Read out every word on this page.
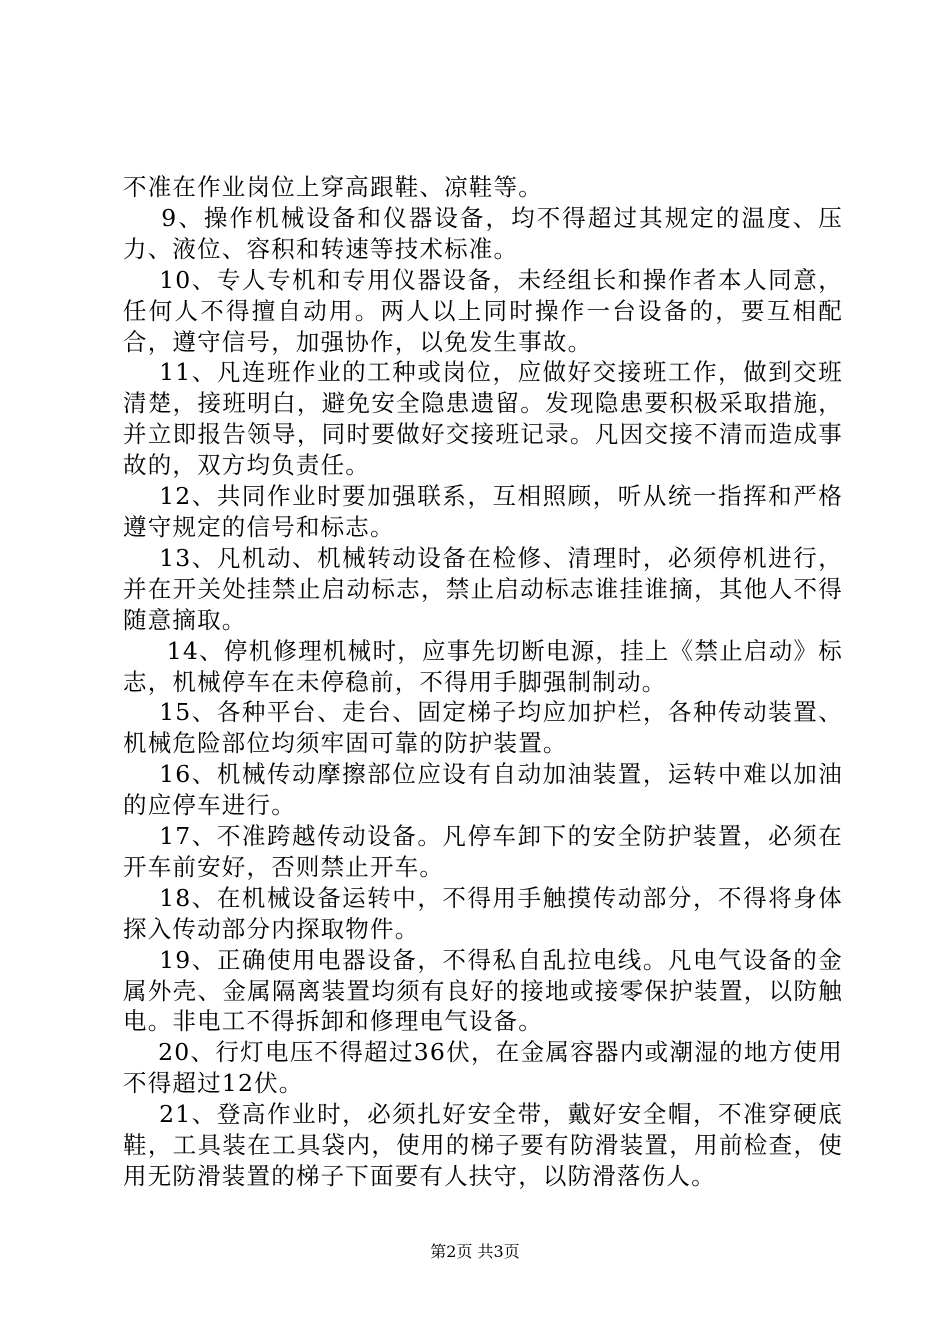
不准在作业岗位上穿高跟鞋、凉鞋等。

9、操作机械设备和仪器设备，均不得超过其规定的温度、压力、液位、容积和转速等技术标准。

10、专人专机和专用仪器设备，未经组长和操作者本人同意，任何人不得擅自动用。两人以上同时操作一台设备的，要互相配合，遵守信号，加强协作，以免发生事故。

11、凡连班作业的工种或岗位，应做好交接班工作，做到交班清楚，接班明白，避免安全隐患遗留。发现隐患要积极采取措施，并立即报告领导，同时要做好交接班记录。凡因交接不清而造成事故的，双方均负责任。

12、共同作业时要加强联系，互相照顾，听从统一指挥和严格遵守规定的信号和标志。

13、凡机动、机械转动设备在检修、清理时，必须停机进行，并在开关处挂禁止启动标志，禁止启动标志谁挂谁摘，其他人不得随意摘取。

14、停机修理机械时，应事先切断电源，挂上《禁止启动》标志，机械停车在未停稳前，不得用手脚强制制动。

15、各种平台、走台、固定梯子均应加护栏，各种传动装置、机械危险部位均须牢固可靠的防护装置。

16、机械传动摩擦部位应设有自动加油装置，运转中难以加油的应停车进行。

17、不准跨越传动设备。凡停车卸下的安全防护装置，必须在开车前安好，否则禁止开车。

18、在机械设备运转中，不得用手触摸传动部分，不得将身体探入传动部分内探取物件。

19、正确使用电器设备，不得私自乱拉电线。凡电气设备的金属外壳、金属隔离装置均须有良好的接地或接零保护装置，以防触电。非电工不得拆卸和修理电气设备。

20、行灯电压不得超过36伏，在金属容器内或潮湿的地方使用不得超过12伏。

21、登高作业时，必须扎好安全带，戴好安全帽，不准穿硬底鞋，工具装在工具袋内，使用的梯子要有防滑装置，用前检查，使用无防滑装置的梯子下面要有人扶守，以防滑落伤人。

第2页 共3页
